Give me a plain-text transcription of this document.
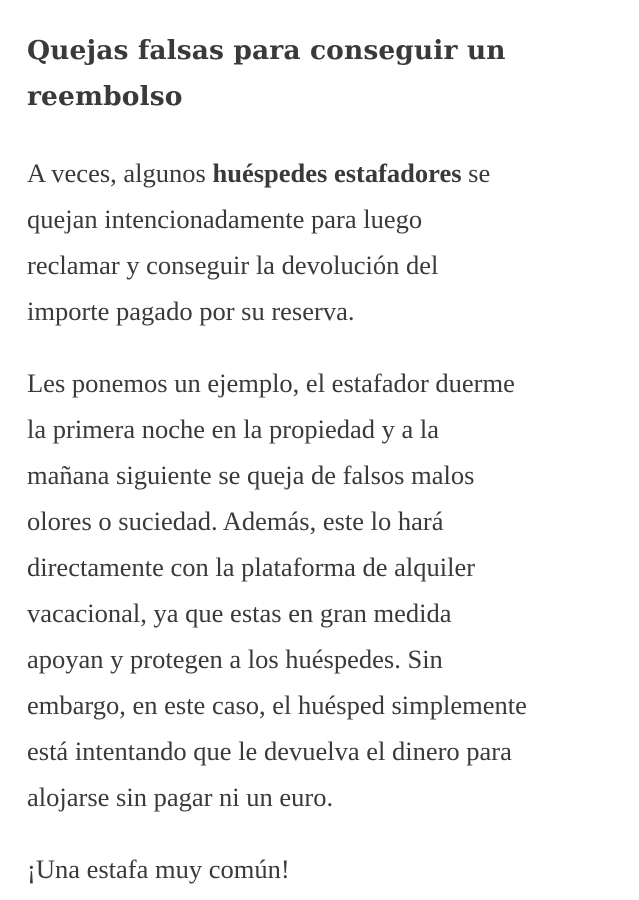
Quejas falsas para conseguir un
reembolso

A veces, algunos huéspedes estafadores se
quejan intencionadamente para luego
reclamar y conseguir la devolución del
importe pagado por su reserva.

Les ponemos un ejemplo, el estafador duerme
la primera noche en la propiedad y a la
mañana siguiente se queja de falsos malos
olores o suciedad. Además, este lo hará
directamente con la plataforma de alquiler
vacacional, ya que estas en gran medida
apoyan y protegen a los huéspedes. Sin
embargo, en este caso, el huésped simplemente
está intentando que le devuelva el dinero para
alojarse sin pagar ni un euro.

¡Una estafa muy común!
